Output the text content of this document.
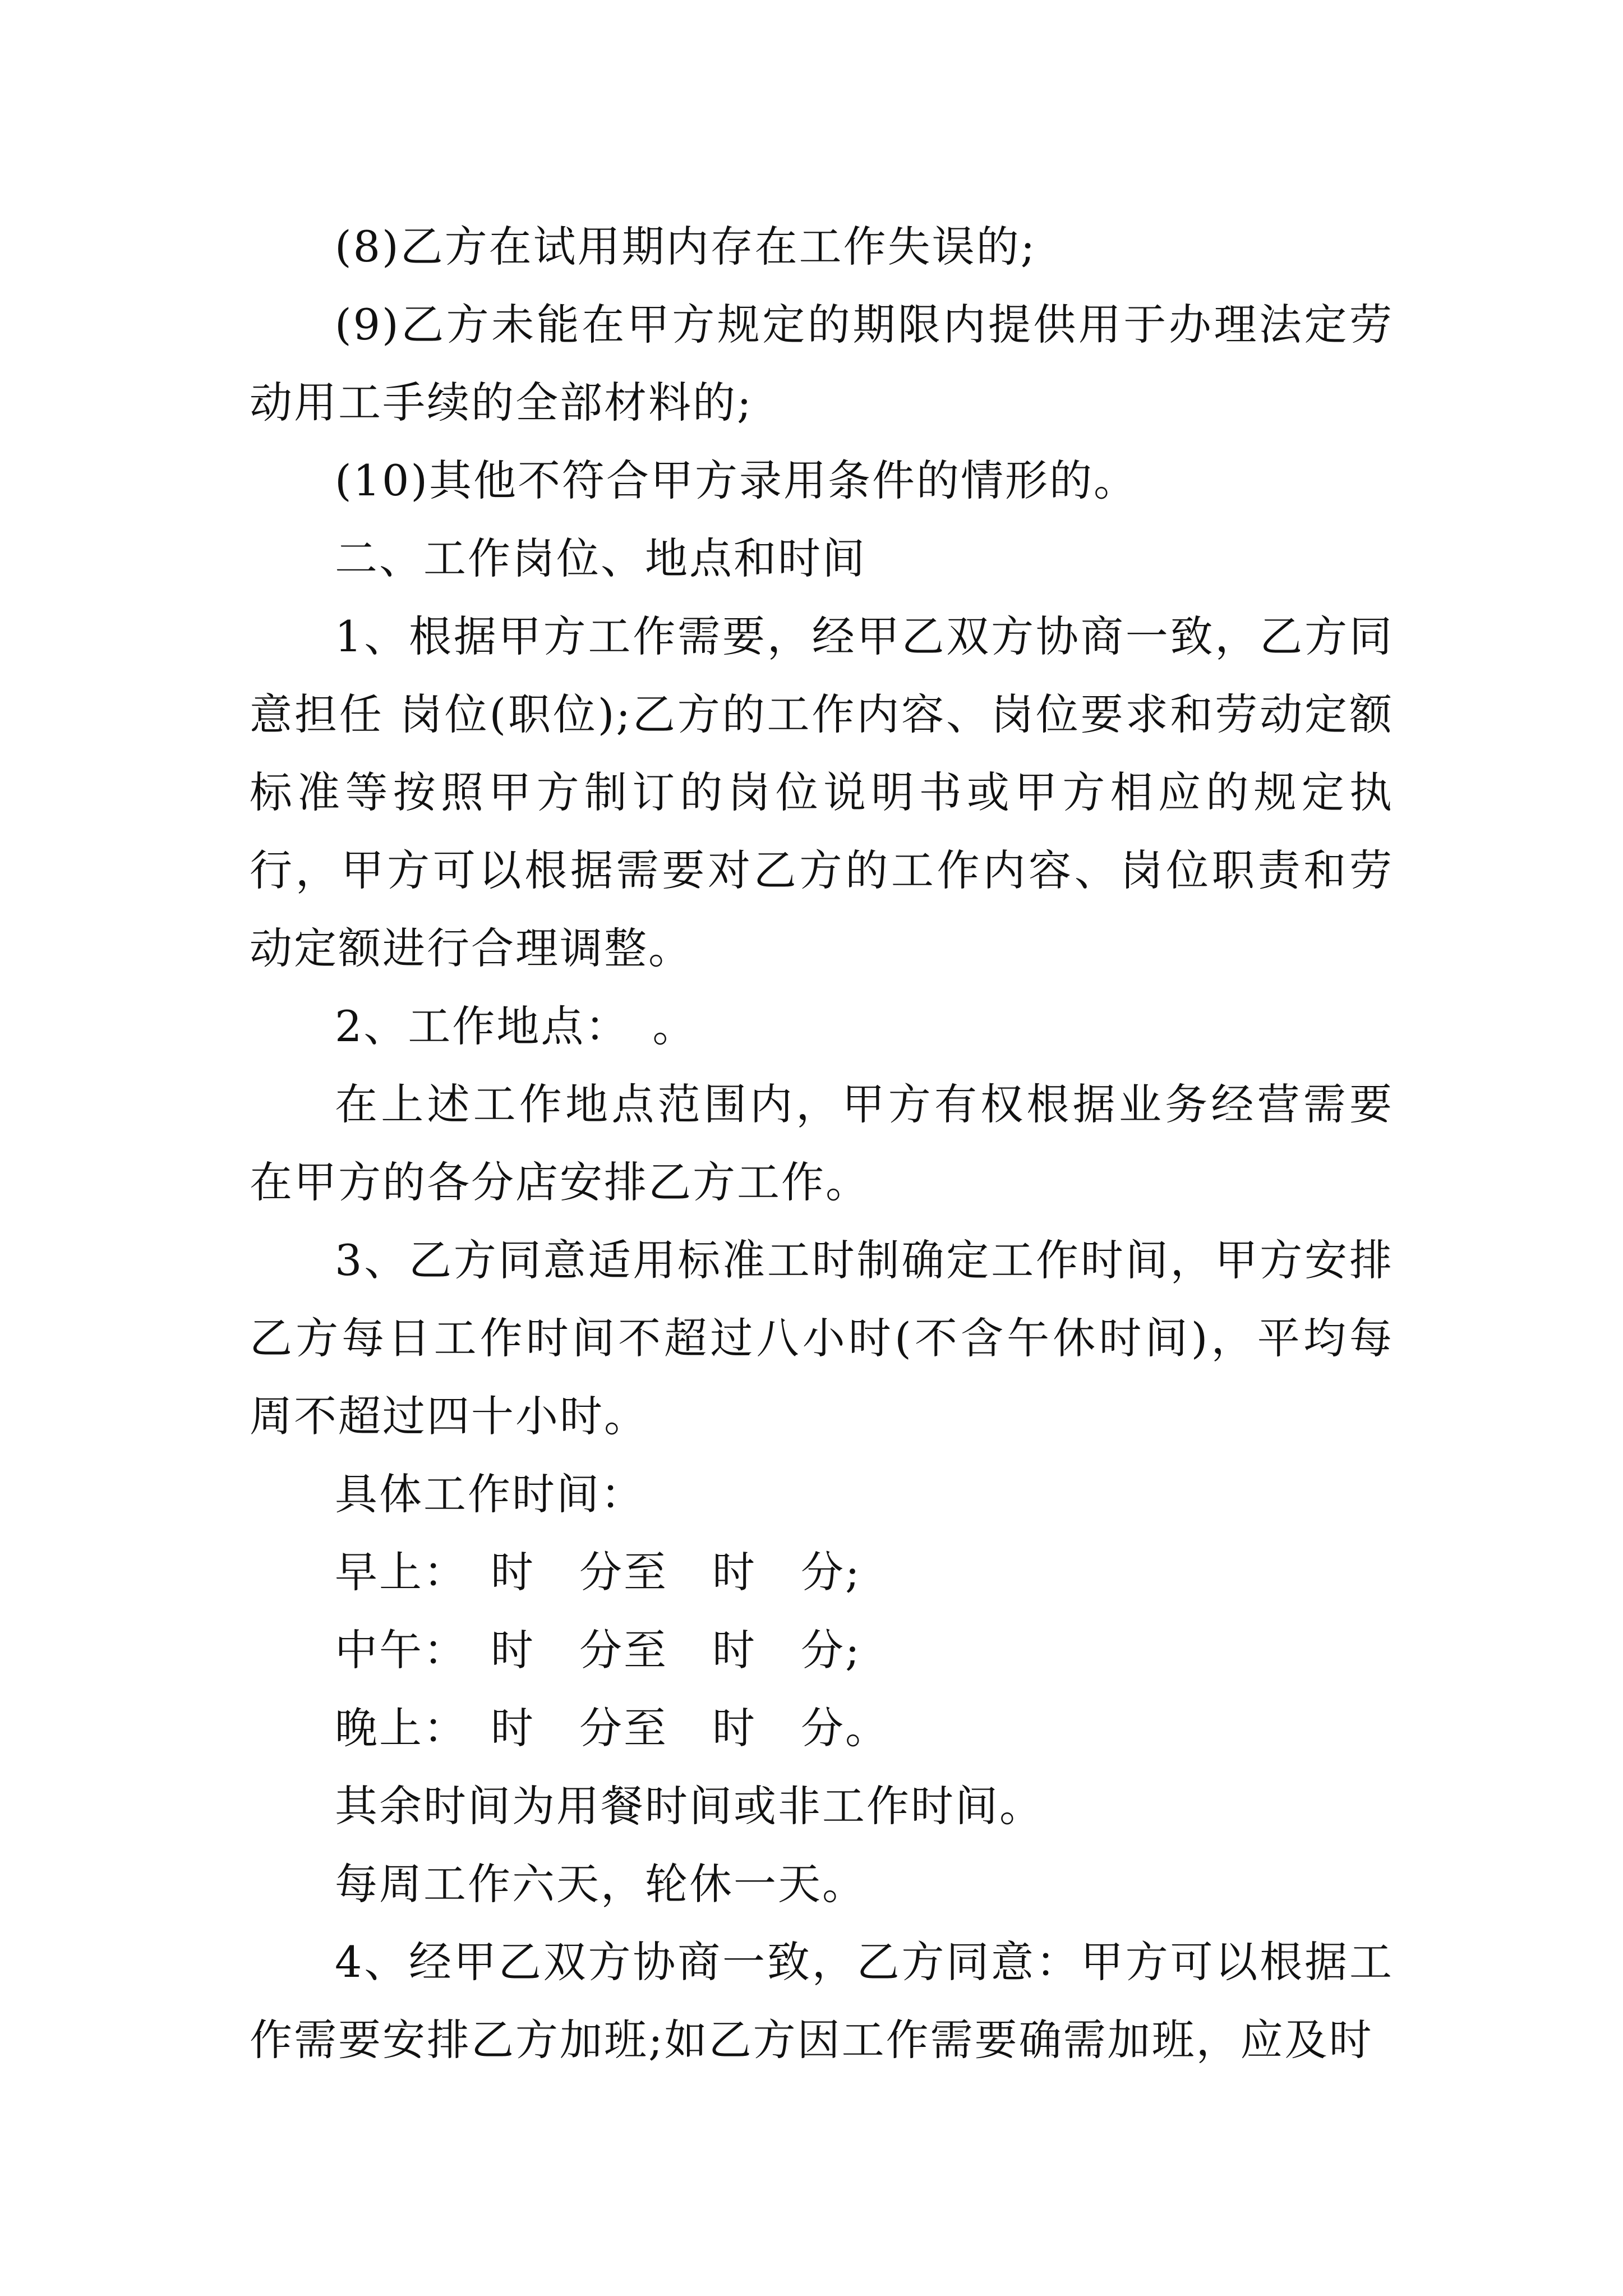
(8)乙方在试用期内存在工作失误的;

(9)乙方未能在甲方规定的期限内提供用于办理法定劳动用工手续的全部材料的;

(10)其他不符合甲方录用条件的情形的。

二、工作岗位、地点和时间

1、根据甲方工作需要，经甲乙双方协商一致，乙方同意担任 岗位(职位);乙方的工作内容、岗位要求和劳动定额标准等按照甲方制订的岗位说明书或甲方相应的规定执行，甲方可以根据需要对乙方的工作内容、岗位职责和劳动定额进行合理调整。

2、工作地点：　。

在上述工作地点范围内，甲方有权根据业务经营需要在甲方的各分店安排乙方工作。

3、乙方同意适用标准工时制确定工作时间，甲方安排乙方每日工作时间不超过八小时(不含午休时间)，平均每周不超过四十小时。

具体工作时间：

早上：　时　分至　时　分;

中午：　时　分至　时　分;

晚上：　时　分至　时　分。

其余时间为用餐时间或非工作时间。

每周工作六天，轮休一天。

4、经甲乙双方协商一致，乙方同意：甲方可以根据工作需要安排乙方加班;如乙方因工作需要确需加班，应及时
